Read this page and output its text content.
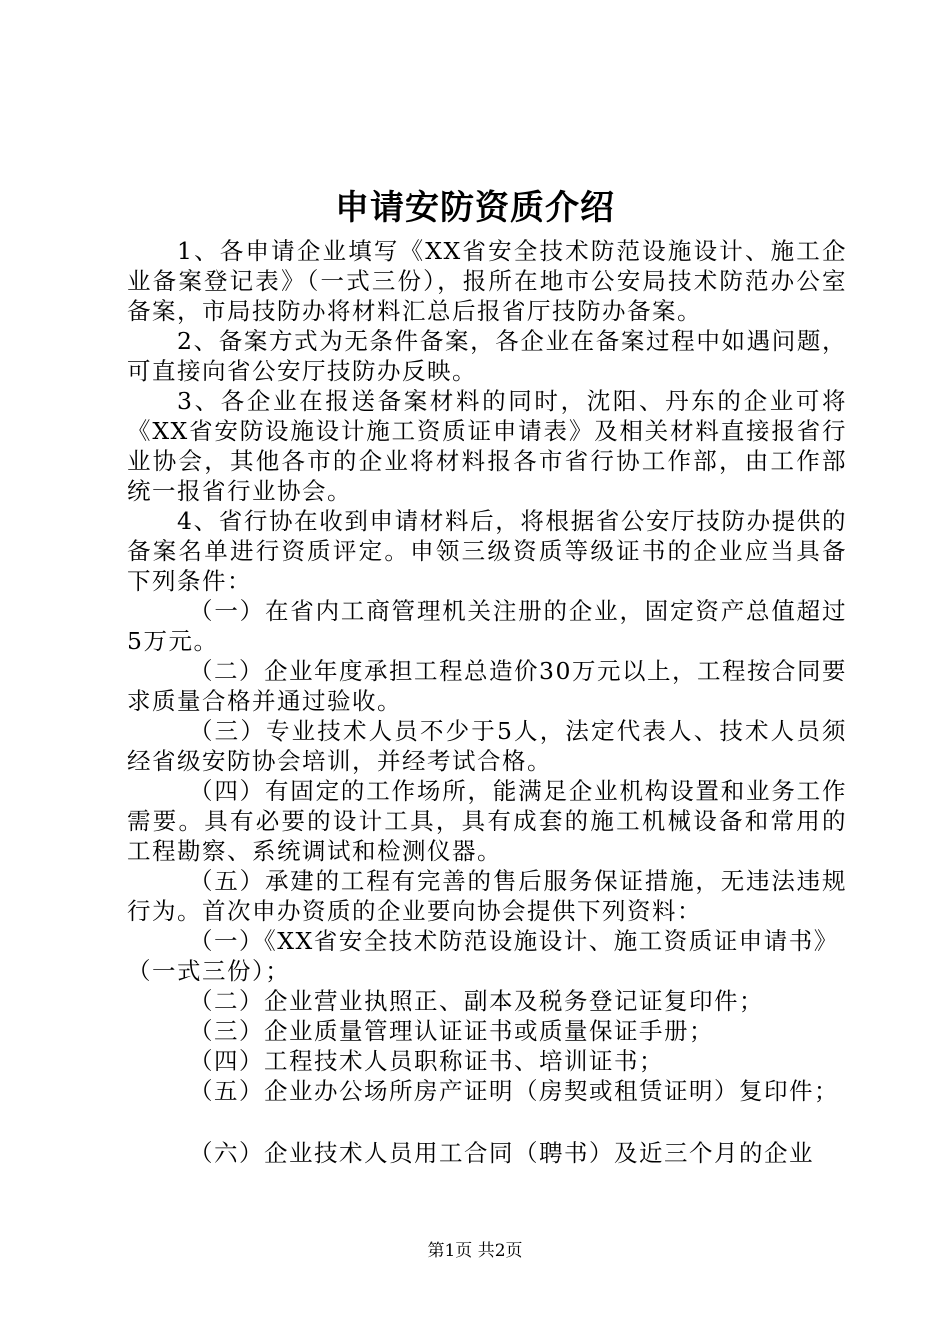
申请安防资质介绍

1、各申请企业填写《XX省安全技术防范设施设计、施工企业备案登记表》（一式三份），报所在地市公安局技术防范办公室备案，市局技防办将材料汇总后报省厅技防办备案。

2、备案方式为无条件备案，各企业在备案过程中如遇问题，可直接向省公安厅技防办反映。

3、各企业在报送备案材料的同时，沈阳、丹东的企业可将《XX省安防设施设计施工资质证申请表》及相关材料直接报省行业协会，其他各市的企业将材料报各市省行协工作部，由工作部统一报省行业协会。

4、省行协在收到申请材料后，将根据省公安厅技防办提供的备案名单进行资质评定。申领三级资质等级证书的企业应当具备下列条件：

（一）在省内工商管理机关注册的企业，固定资产总值超过5万元。

（二）企业年度承担工程总造价30万元以上，工程按合同要求质量合格并通过验收。

（三）专业技术人员不少于5人，法定代表人、技术人员须经省级安防协会培训，并经考试合格。

（四）有固定的工作场所，能满足企业机构设置和业务工作需要。具有必要的设计工具，具有成套的施工机械设备和常用的工程勘察、系统调试和检测仪器。

（五）承建的工程有完善的售后服务保证措施，无违法违规行为。首次申办资质的企业要向协会提供下列资料：

（一）《XX省安全技术防范设施设计、施工资质证申请书》（一式三份）；

（二）企业营业执照正、副本及税务登记证复印件；

（三）企业质量管理认证证书或质量保证手册；

（四）工程技术人员职称证书、培训证书；

（五）企业办公场所房产证明（房契或租赁证明）复印件；

（六）企业技术人员用工合同（聘书）及近三个月的企业

第1页 共2页
